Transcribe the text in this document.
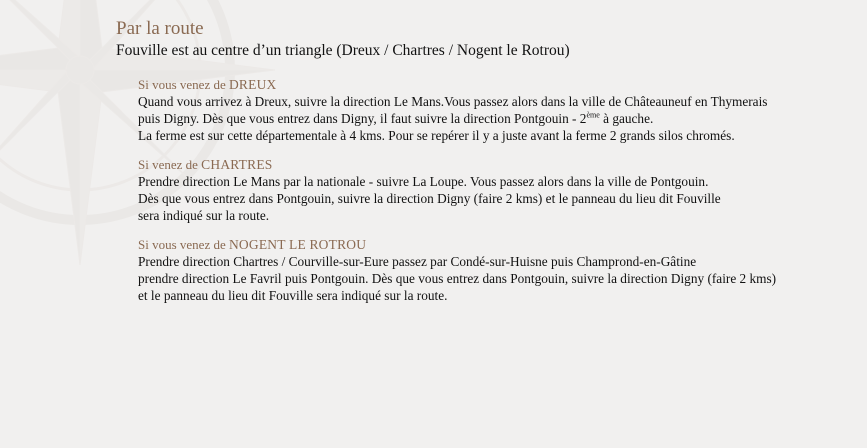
Par la route

Fouville est au centre d’un triangle (Dreux / Chartres / Nogent le Rotrou)

Si vous venez de DREUX

Quand vous arrivez à Dreux, suivre la direction Le Mans.Vous passez alors dans la ville de Châteauneuf en Thymerais

puis Digny. Dès que vous entrez dans Digny, il faut suivre la direction Pontgouin - 2ème à gauche.

La ferme est sur cette départementale à 4 kms. Pour se repérer il y a juste avant la ferme 2 grands silos chromés.

Si venez de CHARTRES

Prendre direction Le Mans par la nationale - suivre La Loupe. Vous passez alors dans la ville de Pontgouin.

Dès que vous entrez dans Pontgouin, suivre la direction Digny (faire 2 kms) et le panneau du lieu dit Fouville

sera indiqué sur la route.

Si vous venez de NOGENT LE ROTROU

Prendre direction Chartres / Courville-sur-Eure passez par Condé-sur-Huisne puis Champrond-en-Gâtine

prendre direction Le Favril puis Pontgouin. Dès que vous entrez dans Pontgouin, suivre la direction Digny (faire 2 kms)

et le panneau du lieu dit Fouville sera indiqué sur la route.
